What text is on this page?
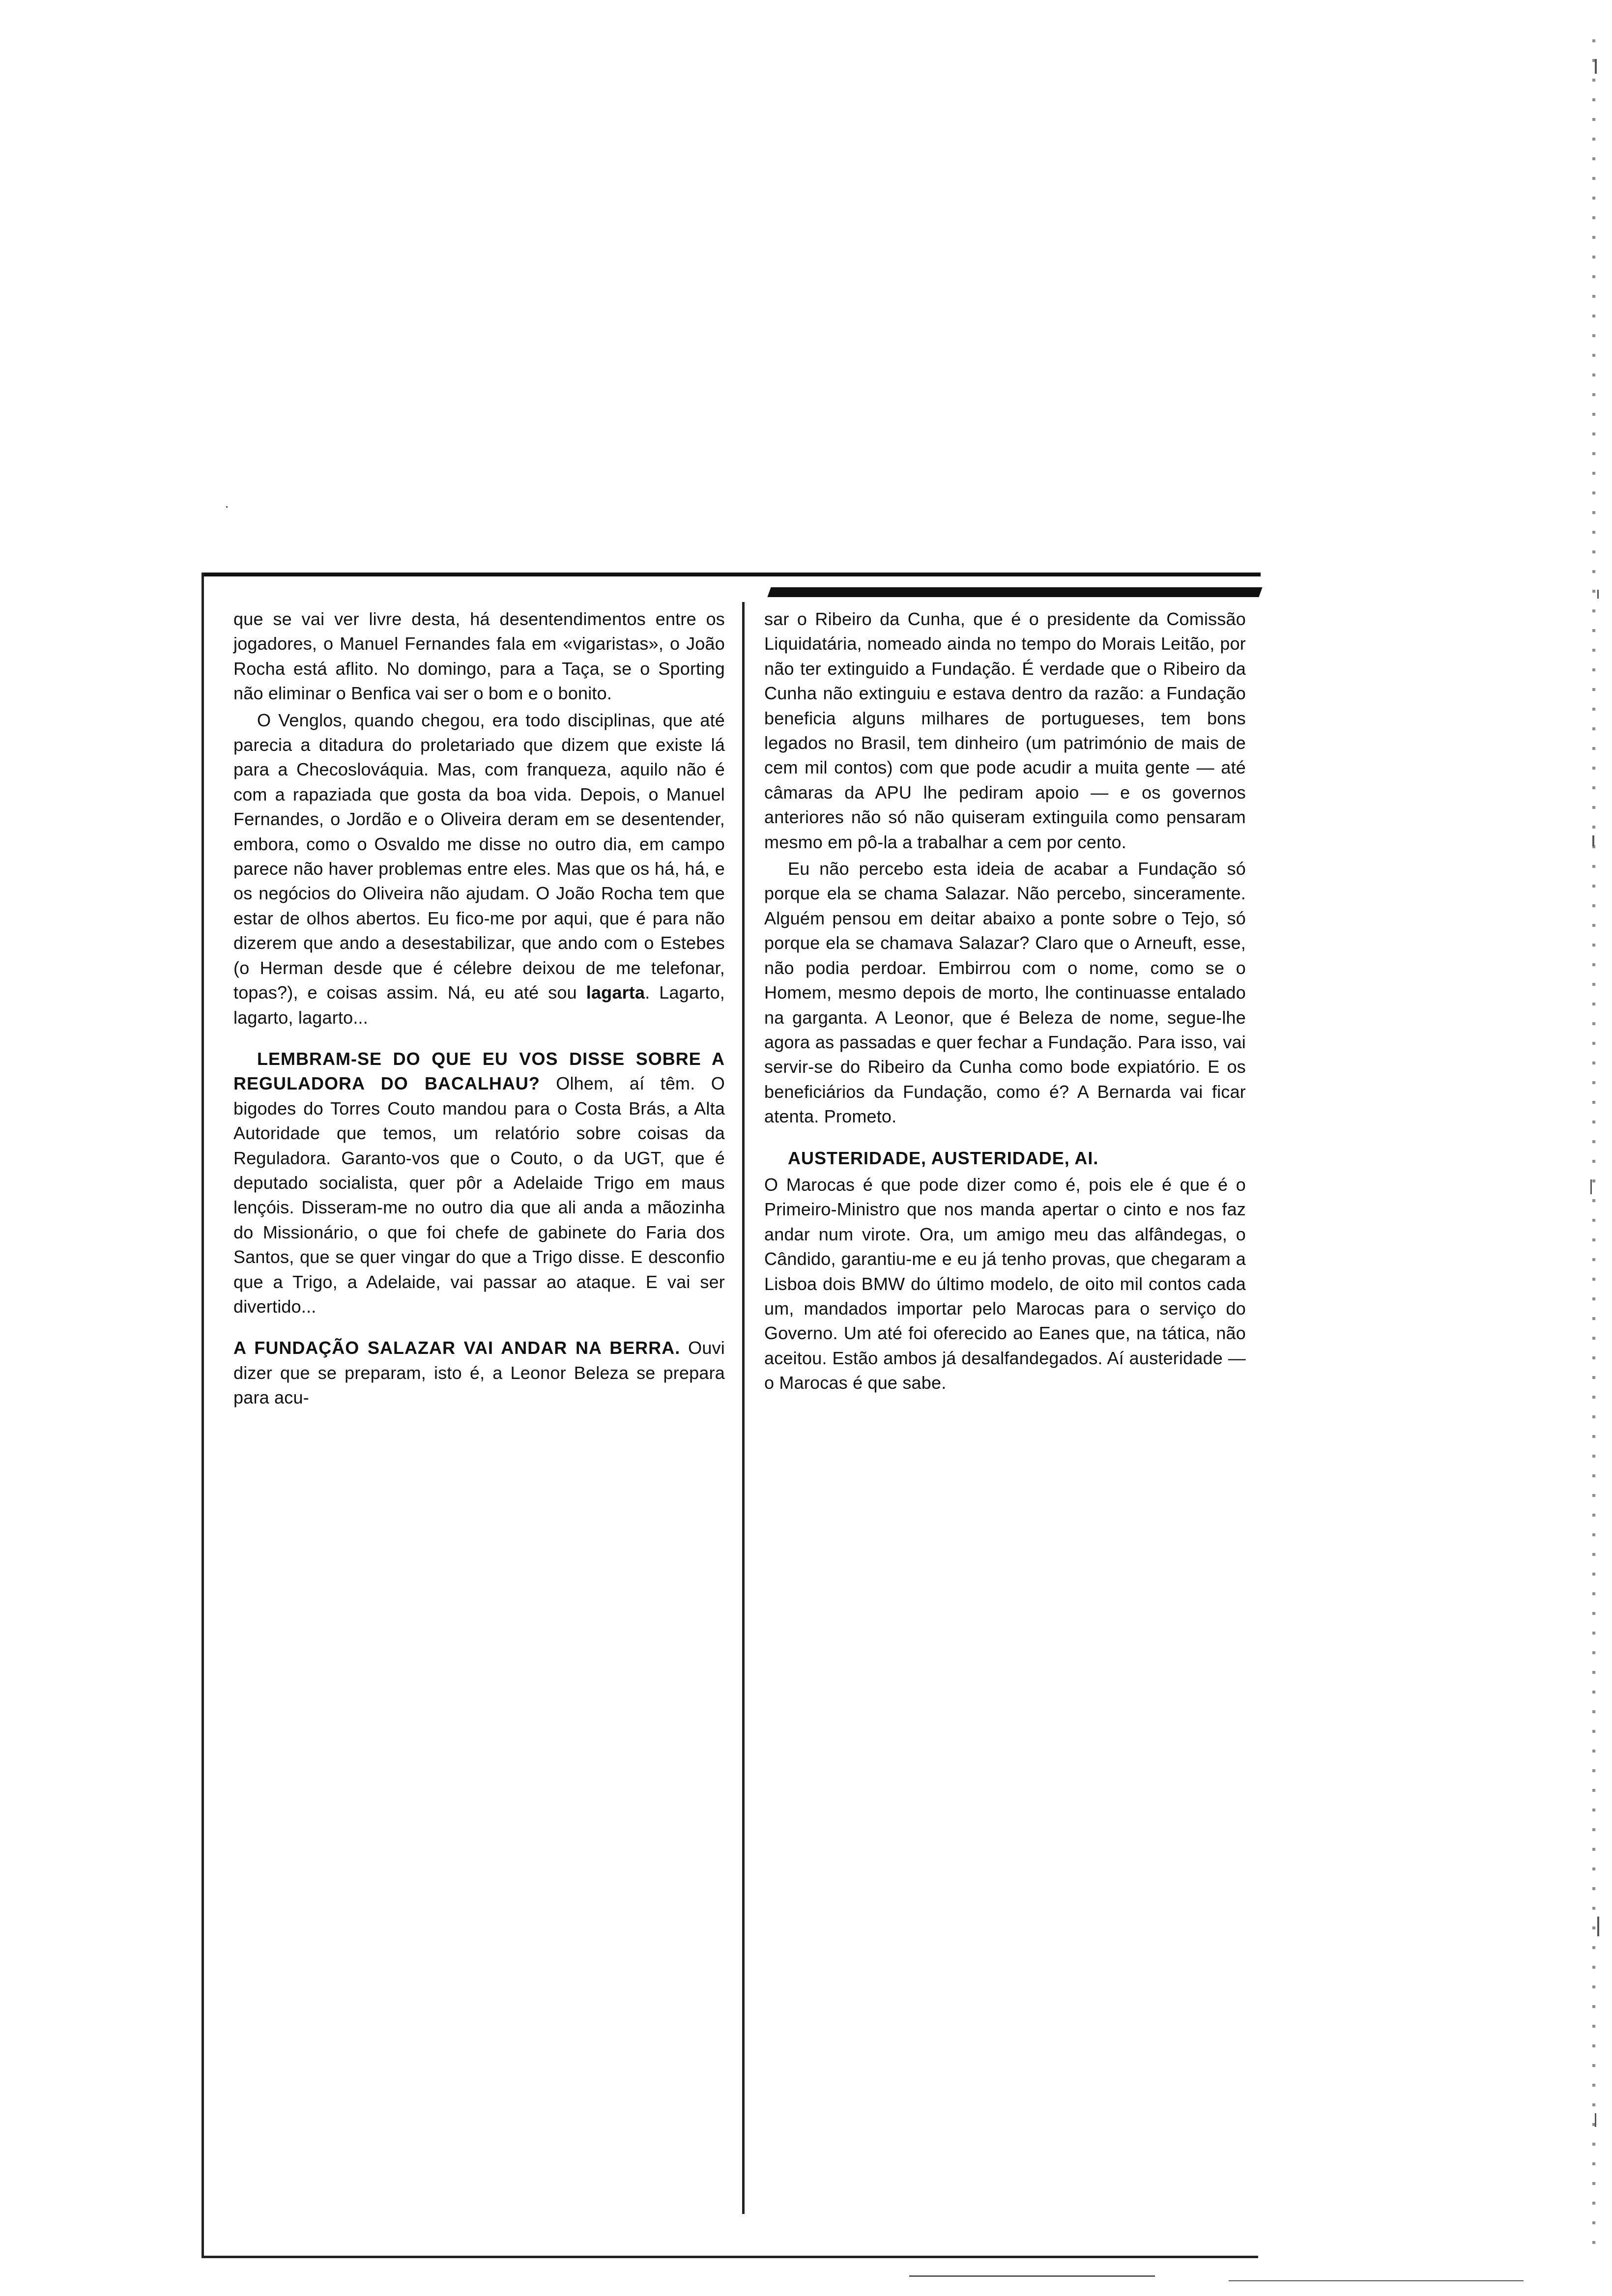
que se vai ver livre desta, há desentendimentos entre os jogadores, o Manuel Fernandes fala em «vigaristas», o João Rocha está aflito. No domingo, para a Taça, se o Sporting não eliminar o Benfica vai ser o bom e o bonito.

O Venglos, quando chegou, era todo disciplinas, que até parecia a ditadura do proletariado que dizem que existe lá para a Checoslováquia. Mas, com franqueza, aquilo não é com a rapaziada que gosta da boa vida. Depois, o Manuel Fernandes, o Jordão e o Oliveira deram em se desentender, embora, como o Osvaldo me disse no outro dia, em campo parece não haver problemas entre eles. Mas que os há, há, e os negócios do Oliveira não ajudam. O João Rocha tem que estar de olhos abertos. Eu fico-me por aqui, que é para não dizerem que ando a desestabilizar, que ando com o Estebes (o Herman desde que é célebre deixou de me telefonar, topas?), e coisas assim. Ná, eu até sou lagarta. Lagarto, lagarto, lagarto...

LEMBRAM-SE DO QUE EU VOS DISSE SOBRE A REGULADORA DO BACALHAU? Olhem, aí têm. O bigodes do Torres Couto mandou para o Costa Brás, a Alta Autoridade que temos, um relatório sobre coisas da Reguladora. Garanto-vos que o Couto, o da UGT, que é deputado socialista, quer pôr a Adelaide Trigo em maus lençóis. Disseram-me no outro dia que ali anda a mãozinha do Missionário, o que foi chefe de gabinete do Faria dos Santos, que se quer vingar do que a Trigo disse. E desconfio que a Trigo, a Adelaide, vai passar ao ataque. E vai ser divertido...

A FUNDAÇÃO SALAZAR VAI ANDAR NA BERRA. Ouvi dizer que se preparam, isto é, a Leonor Beleza se prepara para acu-

sar o Ribeiro da Cunha, que é o presidente da Comissão Liquidatária, nomeado ainda no tempo do Morais Leitão, por não ter extinguido a Fundação. É verdade que o Ribeiro da Cunha não extinguiu e estava dentro da razão: a Fundação beneficia alguns milhares de portugueses, tem bons legados no Brasil, tem dinheiro (um património de mais de cem mil contos) com que pode acudir a muita gente — até câmaras da APU lhe pediram apoio — e os governos anteriores não só não quiseram extinguila como pensaram mesmo em pô-la a trabalhar a cem por cento.

Eu não percebo esta ideia de acabar a Fundação só porque ela se chama Salazar. Não percebo, sinceramente. Alguém pensou em deitar abaixo a ponte sobre o Tejo, só porque ela se chamava Salazar? Claro que o Arneuft, esse, não podia perdoar. Embirrou com o nome, como se o Homem, mesmo depois de morto, lhe continuasse entalado na garganta. A Leonor, que é Beleza de nome, segue-lhe agora as passadas e quer fechar a Fundação. Para isso, vai servir-se do Ribeiro da Cunha como bode expiatório. E os beneficiários da Fundação, como é? A Bernarda vai ficar atenta. Prometo.

AUSTERIDADE, AUSTERIDADE, AI.

O Marocas é que pode dizer como é, pois ele é que é o Primeiro-Ministro que nos manda apertar o cinto e nos faz andar num virote. Ora, um amigo meu das alfândegas, o Cândido, garantiu-me e eu já tenho provas, que chegaram a Lisboa dois BMW do último modelo, de oito mil contos cada um, mandados importar pelo Marocas para o serviço do Governo. Um até foi oferecido ao Eanes que, na tática, não aceitou. Estão ambos já desalfandegados. Aí austeridade — o Marocas é que sabe.
